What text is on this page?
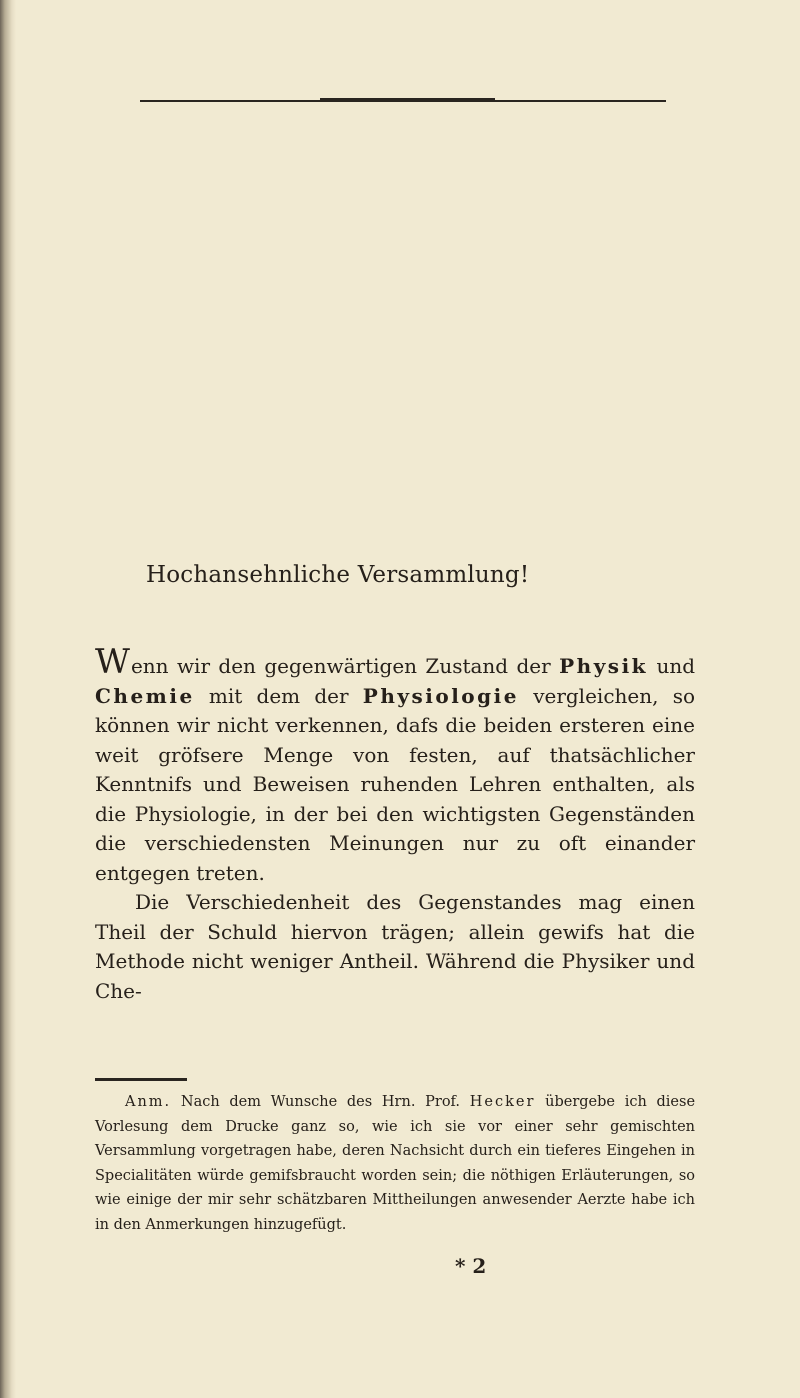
Hochansehnliche Versammlung!

Wenn wir den gegenwärtigen Zustand der Physik und Chemie mit dem der Physiologie vergleichen, so können wir nicht verkennen, dafs die beiden ersteren eine weit gröfsere Menge von festen, auf thatsächlicher Kenntnifs und Beweisen ruhenden Lehren enthalten, als die Physiologie, in der bei den wichtigsten Gegenständen die verschiedensten Meinungen nur zu oft einander entgegen treten.

Die Verschiedenheit des Gegenstandes mag einen Theil der Schuld hiervon trägen; allein gewifs hat die Methode nicht weniger Antheil. Während die Physiker und Che-

Anm. Nach dem Wunsche des Hrn. Prof. Hecker übergebe ich diese Vorlesung dem Drucke ganz so, wie ich sie vor einer sehr gemischten Versammlung vorgetragen habe, deren Nachsicht durch ein tieferes Eingehen in Specialitäten würde gemifsbraucht worden sein; die nöthigen Erläuterungen, so wie einige der mir sehr schätzbaren Mittheilungen anwesender Aerzte habe ich in den Anmerkungen hinzugefügt.

* 2
